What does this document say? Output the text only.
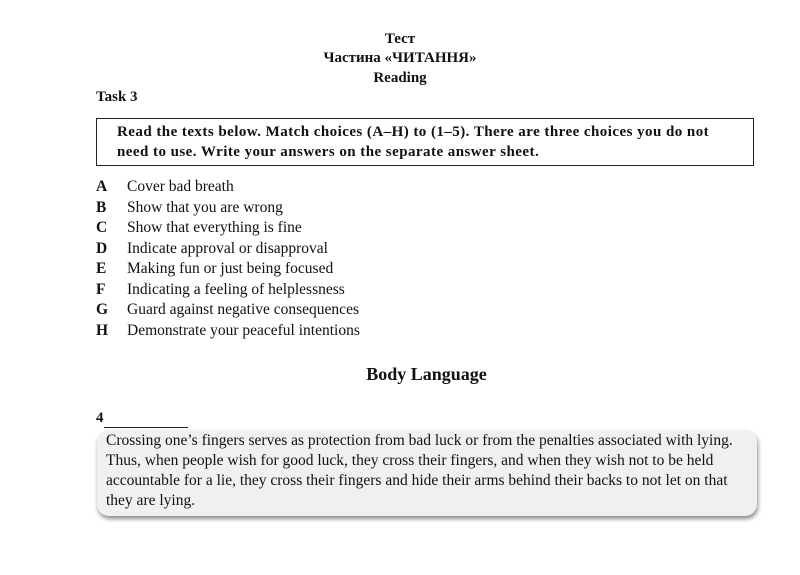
Тест
Частина «ЧИТАННЯ»
Reading
Task 3
Read the texts below. Match choices (A–H) to (1–5). There are three choices you do not need to use. Write your answers on the separate answer sheet.
A	Cover bad breath
B	Show that you are wrong
C	Show that everything is fine
D	Indicate approval or disapproval
E	Making fun or just being focused
F	Indicating a feeling of helplessness
G	Guard against negative consequences
H	Demonstrate your peaceful intentions
Body Language
4
Crossing one’s fingers serves as protection from bad luck or from the penalties associated with lying. Thus, when people wish for good luck, they cross their fingers, and when they wish not to be held accountable for a lie, they cross their fingers and hide their arms behind their backs to not let on that they are lying.
